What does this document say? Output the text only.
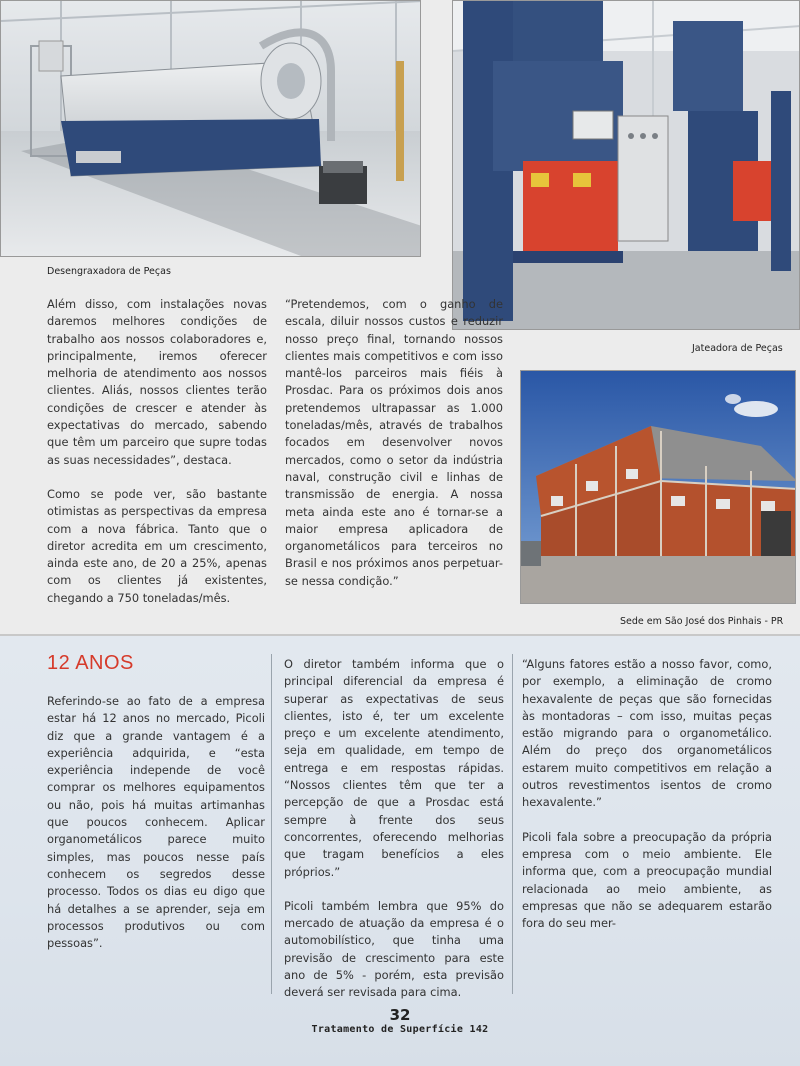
Desengraxadora de Peças
Jateadora de Peças
Sede em São José dos Pinhais - PR

Além disso, com instalações novas daremos melhores condições de trabalho aos nossos colaboradores e, principalmente, iremos oferecer melhoria de atendimento aos nossos clientes. Aliás, nossos clientes terão condições de crescer e atender às expectativas do mercado, sabendo que têm um parceiro que supre todas as suas necessidades”, destaca.

Como se pode ver, são bastante otimistas as perspectivas da empresa com a nova fábrica. Tanto que o diretor acredita em um crescimento, ainda este ano, de 20 a 25%, apenas com os clientes já existentes, chegando a 750 toneladas/mês.

“Pretendemos, com o ganho de escala, diluir nossos custos e reduzir nosso preço final, tornando nossos clientes mais competitivos e com isso mantê-los parceiros mais fiéis à Prosdac. Para os próximos dois anos pretendemos ultrapassar as 1.000 toneladas/mês, através de trabalhos focados em desenvolver novos mercados, como o setor da indústria naval, construção civil e linhas de transmissão de energia. A nossa meta ainda este ano é tornar-se a maior empresa aplicadora de organometálicos para terceiros no Brasil e nos próximos anos perpetuar-se nessa condição.”

12 ANOS

Referindo-se ao fato de a empresa estar há 12 anos no mercado, Picoli diz que a grande vantagem é a experiência adquirida, e “esta experiência independe de você comprar os melhores equipamentos ou não, pois há muitas artimanhas que poucos conhecem. Aplicar organometálicos parece muito simples, mas poucos nesse país conhecem os segredos desse processo. Todos os dias eu digo que há detalhes a se aprender, seja em processos produtivos ou com pessoas”.

O diretor também informa que o principal diferencial da empresa é superar as expectativas de seus clientes, isto é, ter um excelente preço e um excelente atendimento, seja em qualidade, em tempo de entrega e em respostas rápidas. “Nossos clientes têm que ter a percepção de que a Prosdac está sempre à frente dos seus concorrentes, oferecendo melhorias que tragam benefícios a eles próprios.”

Picoli também lembra que 95% do mercado de atuação da empresa é o automobilístico, que tinha uma previsão de crescimento para este ano de 5% - porém, esta previsão deverá ser revisada para cima.

“Alguns fatores estão a nosso favor, como, por exemplo, a eliminação de cromo hexavalente de peças que são fornecidas às montadoras – com isso, muitas peças estão migrando para o organometálico. Além do preço dos organometálicos estarem muito competitivos em relação a outros revestimentos isentos de cromo hexavalente.”

Picoli fala sobre a preocupação da própria empresa com o meio ambiente. Ele informa que, com a preocupação mundial relacionada ao meio ambiente, as empresas que não se adequarem estarão fora do seu mer-

32
Tratamento de Superfície 142
